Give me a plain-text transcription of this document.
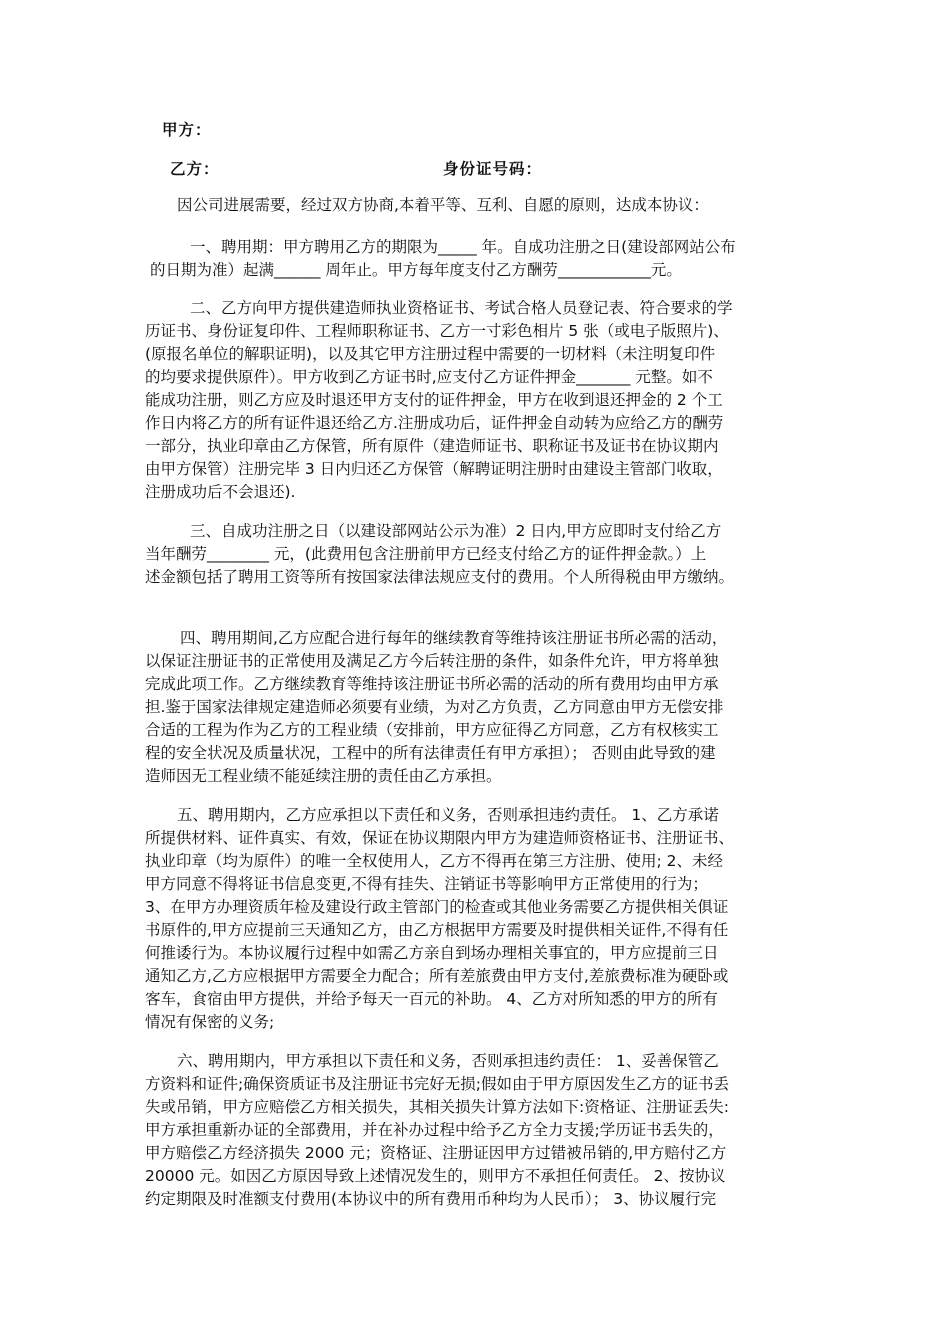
甲方：
乙方：	身份证号码：

因公司进展需要，经过双方协商,本着平等、互利、自愿的原则，达成本协议：

一、聘用期：甲方聘用乙方的期限为_____ 年。自成功注册之日(建设部网站公布
的日期为准）起满______ 周年止。甲方每年度支付乙方酬劳____________元。

二、乙方向甲方提供建造师执业资格证书、考试合格人员登记表、符合要求的学
历证书、身份证复印件、工程师职称证书、乙方一寸彩色相片 5 张（或电子版照片)、
(原报名单位的解职证明)，以及其它甲方注册过程中需要的一切材料（未注明复印件
的均要求提供原件）。甲方收到乙方证书时,应支付乙方证件押金_______ 元整。如不
能成功注册，则乙方应及时退还甲方支付的证件押金，甲方在收到退还押金的 2 个工
作日内将乙方的所有证件退还给乙方.注册成功后，证件押金自动转为应给乙方的酬劳
一部分，执业印章由乙方保管，所有原件（建造师证书、职称证书及证书在协议期内
由甲方保管）注册完毕 3 日内归还乙方保管（解聘证明注册时由建设主管部门收取，
注册成功后不会退还).

三、自成功注册之日（以建设部网站公示为准）2 日内,甲方应即时支付给乙方
当年酬劳________ 元，(此费用包含注册前甲方已经支付给乙方的证件押金款。）上
述金额包括了聘用工资等所有按国家法律法规应支付的费用。个人所得税由甲方缴纳。

四、聘用期间,乙方应配合进行每年的继续教育等维持该注册证书所必需的活动，
以保证注册证书的正常使用及满足乙方今后转注册的条件，如条件允许，甲方将单独
完成此项工作。乙方继续教育等维持该注册证书所必需的活动的所有费用均由甲方承
担.鉴于国家法律规定建造师必须要有业绩，为对乙方负责，乙方同意由甲方无偿安排
合适的工程为作为乙方的工程业绩（安排前，甲方应征得乙方同意，乙方有权核实工
程的安全状况及质量状况，工程中的所有法律责任有甲方承担）； 否则由此导致的建
造师因无工程业绩不能延续注册的责任由乙方承担。

五、聘用期内，乙方应承担以下责任和义务，否则承担违约责任。 1、乙方承诺
所提供材料、证件真实、有效，保证在协议期限内甲方为建造师资格证书、注册证书、
执业印章（均为原件）的唯一全权使用人，乙方不得再在第三方注册、使用; 2、未经
甲方同意不得将证书信息变更,不得有挂失、注销证书等影响甲方正常使用的行为；
3、在甲方办理资质年检及建设行政主管部门的检查或其他业务需要乙方提供相关俱证
书原件的,甲方应提前三天通知乙方，由乙方根据甲方需要及时提供相关证件,不得有任
何推诿行为。本协议履行过程中如需乙方亲自到场办理相关事宜的，甲方应提前三日
通知乙方,乙方应根据甲方需要全力配合；所有差旅费由甲方支付,差旅费标准为硬卧或
客车，食宿由甲方提供，并给予每天一百元的补助。 4、乙方对所知悉的甲方的所有
情况有保密的义务;

六、聘用期内，甲方承担以下责任和义务，否则承担违约责任： 1、妥善保管乙
方资料和证件;确保资质证书及注册证书完好无损;假如由于甲方原因发生乙方的证书丢
失或吊销，甲方应赔偿乙方相关损失，其相关损失计算方法如下:资格证、注册证丢失:
甲方承担重新办证的全部费用，并在补办过程中给予乙方全力支援;学历证书丢失的，
甲方赔偿乙方经济损失 2000 元；资格证、注册证因甲方过错被吊销的,甲方赔付乙方
20000 元。如因乙方原因导致上述情况发生的，则甲方不承担任何责任。 2、按协议
约定期限及时准额支付费用(本协议中的所有费用币种均为人民币）； 3、协议履行完
